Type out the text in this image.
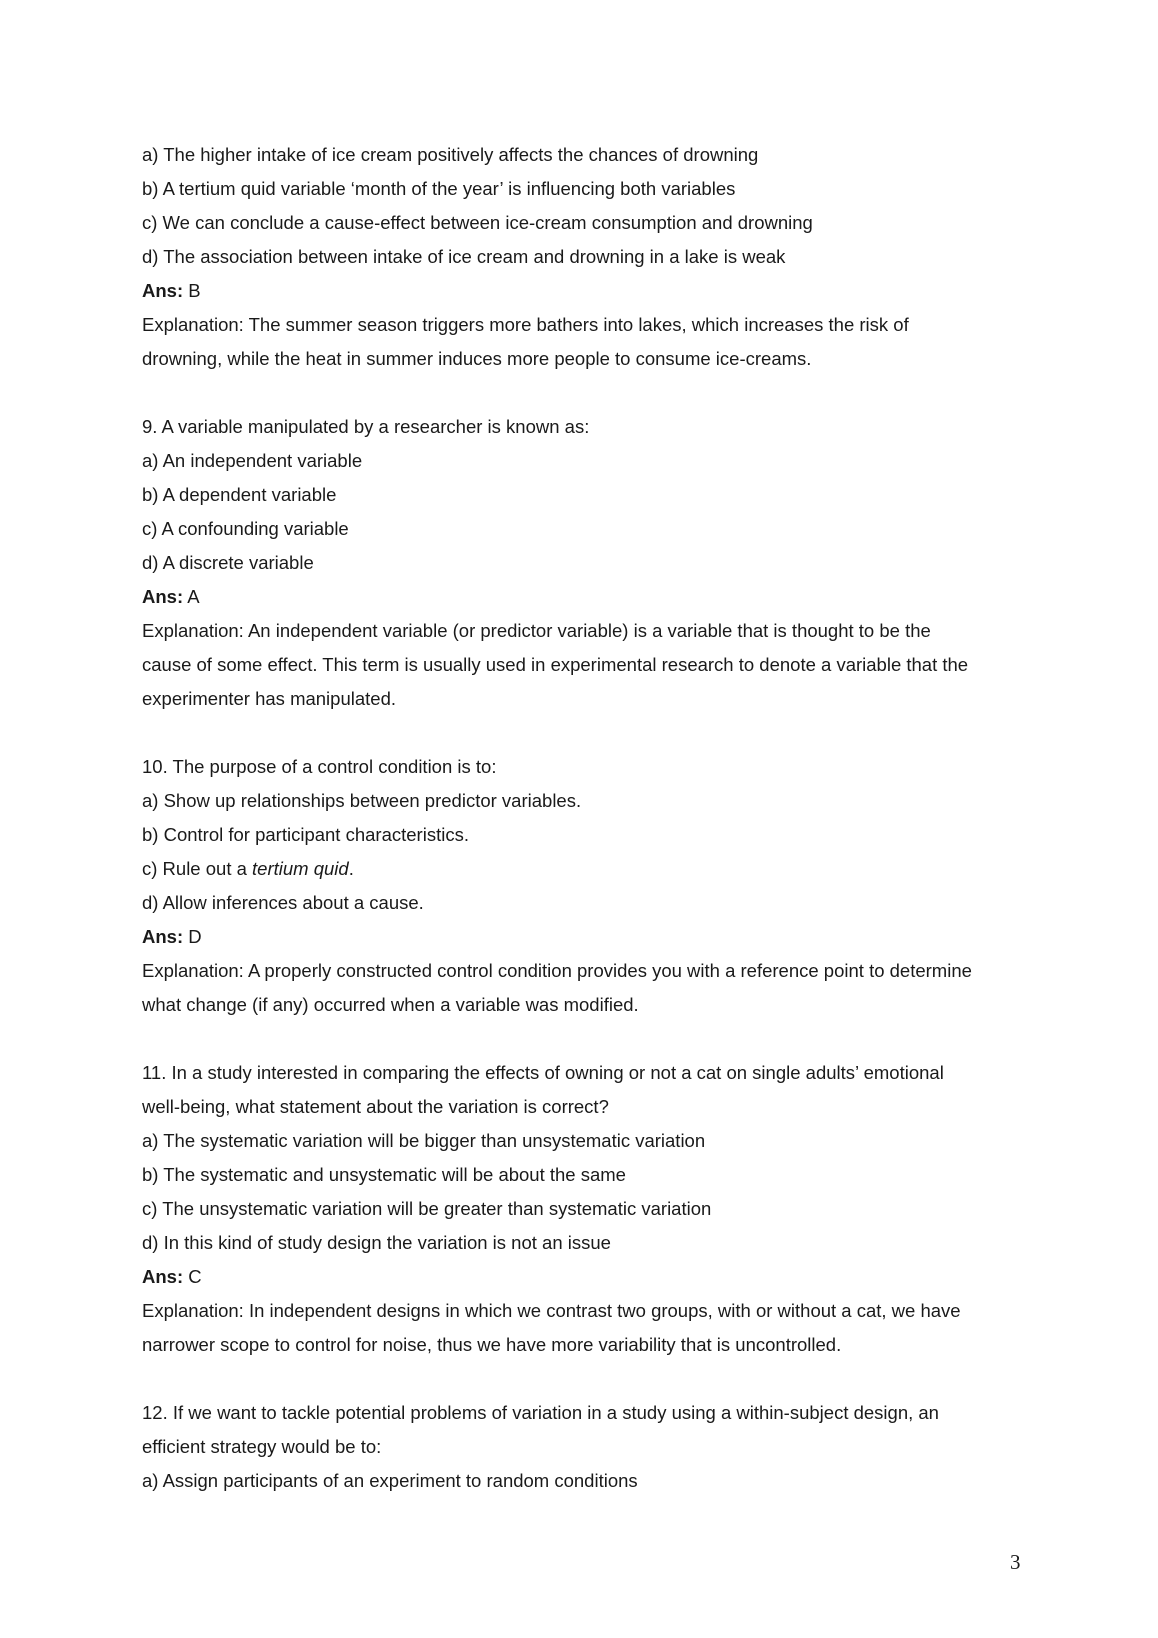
a) The higher intake of ice cream positively affects the chances of drowning
b) A tertium quid variable ‘month of the year’ is influencing both variables
c) We can conclude a cause-effect between ice-cream consumption and drowning
d) The association between intake of ice cream and drowning in a lake is weak
Ans: B
Explanation: The summer season triggers more bathers into lakes, which increases the risk of
drowning, while the heat in summer induces more people to consume ice-creams.
9. A variable manipulated by a researcher is known as:
a) An independent variable
b) A dependent variable
c) A confounding variable
d) A discrete variable
Ans: A
Explanation: An independent variable (or predictor variable) is a variable that is thought to be the
cause of some effect. This term is usually used in experimental research to denote a variable that the
experimenter has manipulated.
10. The purpose of a control condition is to:
a) Show up relationships between predictor variables.
b) Control for participant characteristics.
c) Rule out a tertium quid.
d) Allow inferences about a cause.
Ans: D
Explanation: A properly constructed control condition provides you with a reference point to determine
what change (if any) occurred when a variable was modified.
11. In a study interested in comparing the effects of owning or not a cat on single adults’ emotional
well-being, what statement about the variation is correct?
a) The systematic variation will be bigger than unsystematic variation
b) The systematic and unsystematic will be about the same
c) The unsystematic variation will be greater than systematic variation
d) In this kind of study design the variation is not an issue
Ans: C
Explanation: In independent designs in which we contrast two groups, with or without a cat, we have
narrower scope to control for noise, thus we have more variability that is uncontrolled.
12. If we want to tackle potential problems of variation in a study using a within-subject design, an
efficient strategy would be to:
a) Assign participants of an experiment to random conditions
3
